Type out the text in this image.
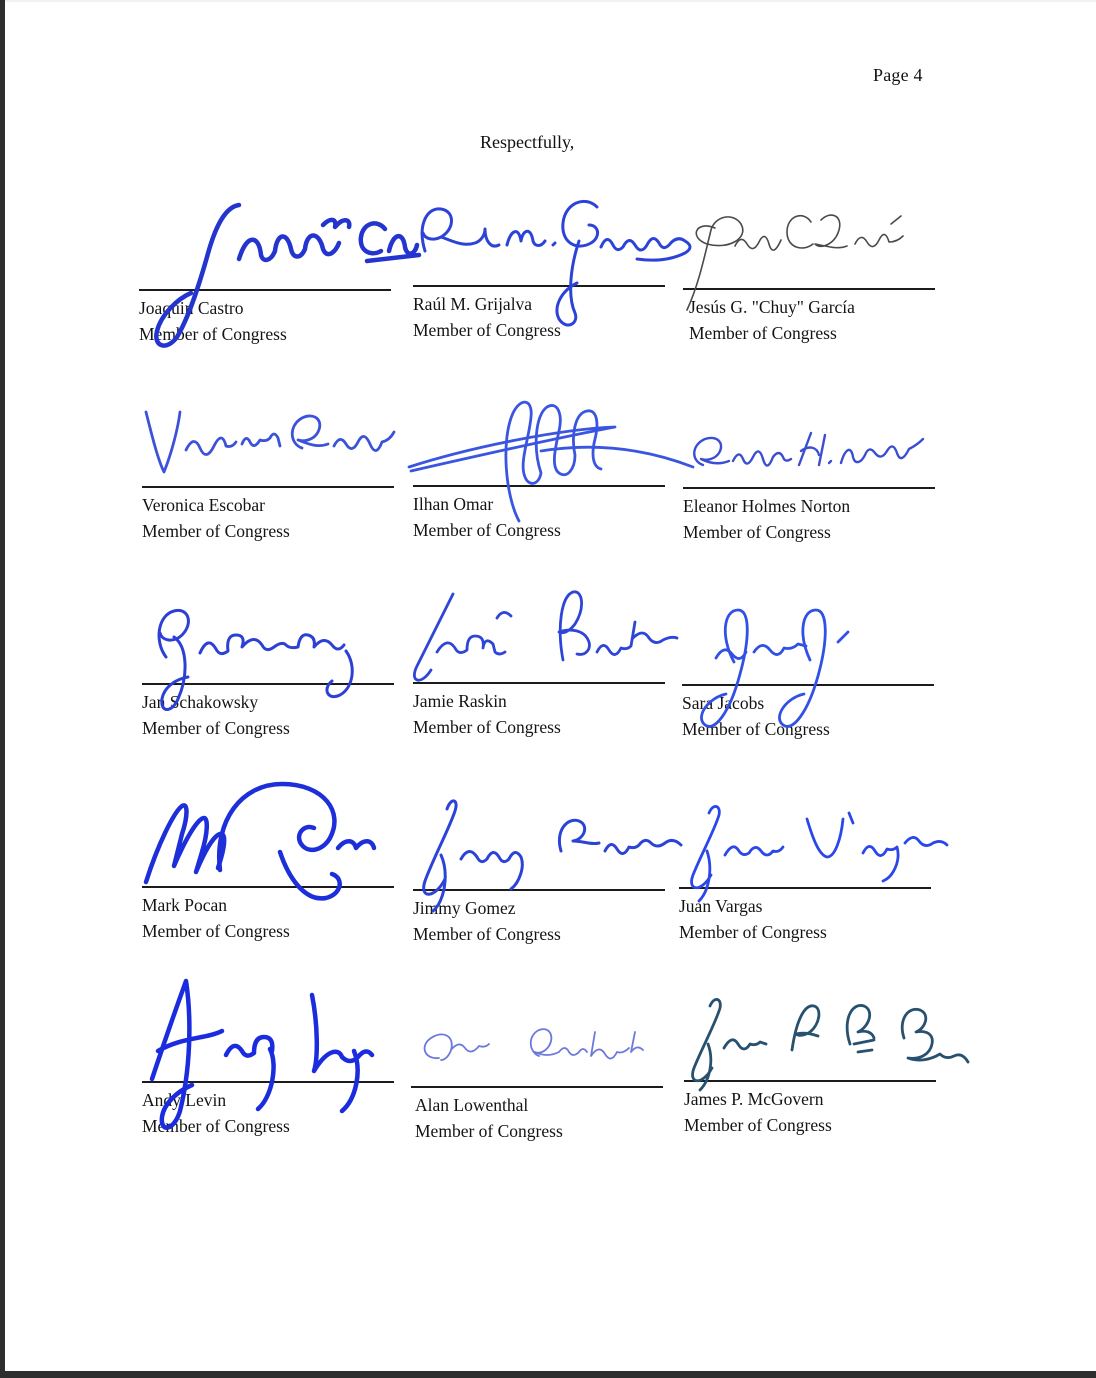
Page 4
Respectfully,
Joaquin Castro
Member of Congress
Raúl M. Grijalva
Member of Congress
Jesús G. "Chuy" García
Member of Congress
Veronica Escobar
Member of Congress
Ilhan Omar
Member of Congress
Eleanor Holmes Norton
Member of Congress
Jan Schakowsky
Member of Congress
Jamie Raskin
Member of Congress
Sara Jacobs
Member of Congress
Mark Pocan
Member of Congress
Jimmy Gomez
Member of Congress
Juan Vargas
Member of Congress
Andy Levin
Member of Congress
Alan Lowenthal
Member of Congress
James P. McGovern
Member of Congress
